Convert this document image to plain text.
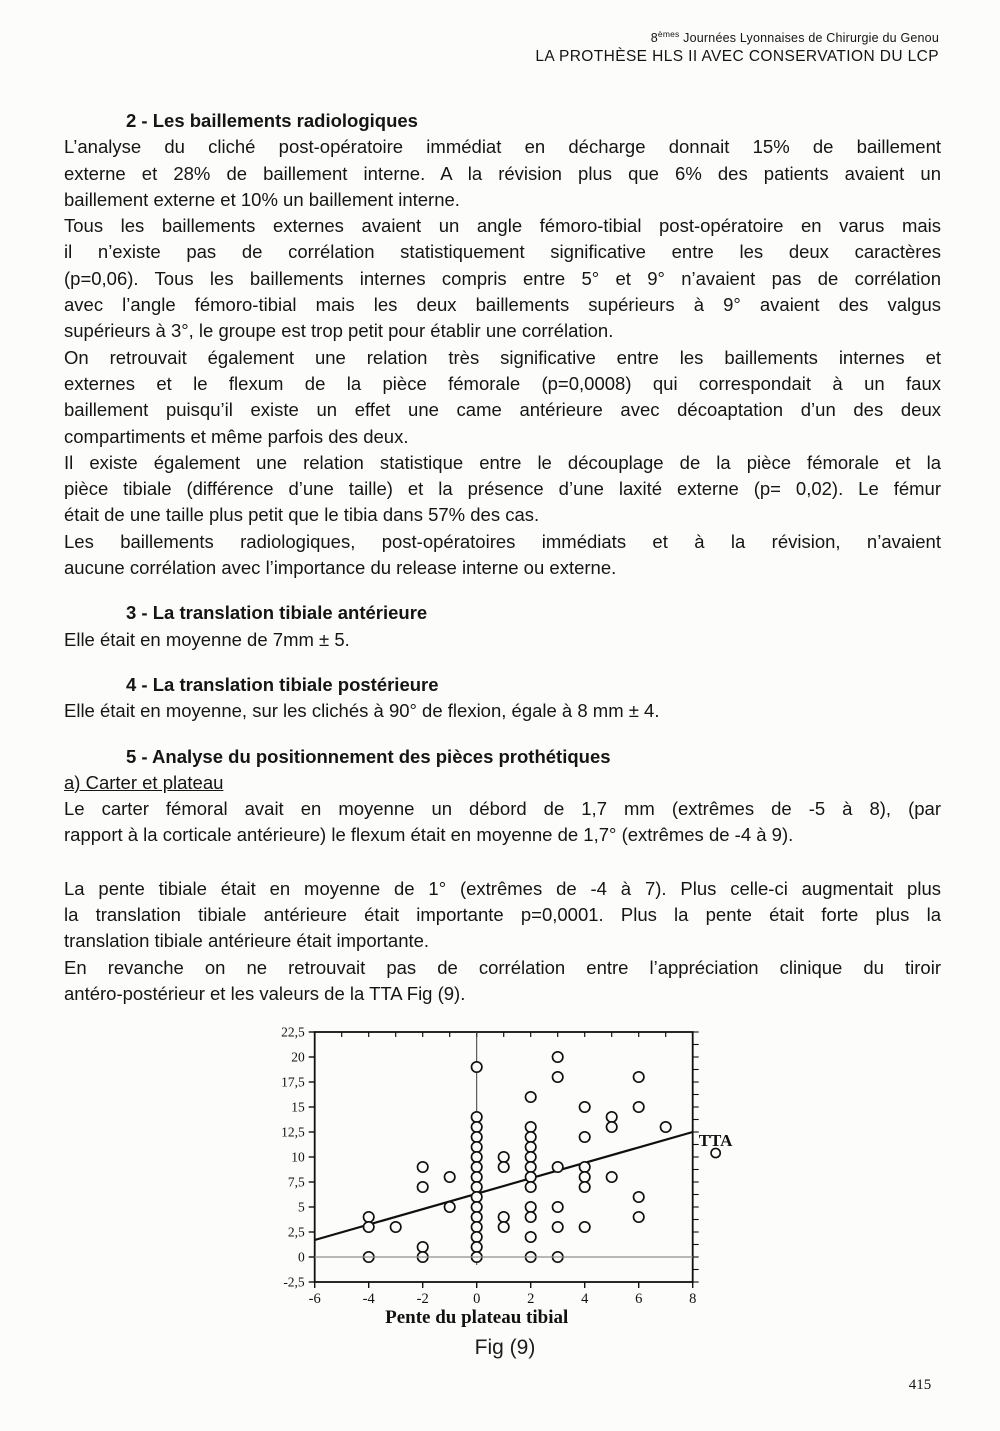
8èmes Journées Lyonnaises de Chirurgie du Genou
LA PROTHÈSE HLS II AVEC CONSERVATION DU LCP
2 - Les baillements radiologiques
L’analyse du cliché post-opératoire immédiat en décharge donnait 15% de baillement
externe et 28% de baillement interne. A la révision plus que 6% des patients avaient un
baillement externe et 10% un baillement interne.
Tous les baillements externes avaient un angle fémoro-tibial post-opératoire en varus mais
il n’existe pas de corrélation statistiquement significative entre les deux caractères
(p=0,06). Tous les baillements internes compris entre 5° et 9° n’avaient pas de corrélation
avec l’angle fémoro-tibial mais les deux baillements supérieurs à 9° avaient des valgus
supérieurs à 3°, le groupe est trop petit pour établir une corrélation.
On retrouvait également une relation très significative entre les baillements internes et
externes et le flexum de la pièce fémorale (p=0,0008) qui correspondait à un faux
baillement puisqu’il existe un effet une came antérieure avec décoaptation d’un des deux
compartiments et même parfois des deux.
Il existe également une relation statistique entre le découplage de la pièce fémorale et la
pièce tibiale (différence d’une taille) et la présence d’une laxité externe (p= 0,02). Le fémur
était de une taille plus petit que le tibia dans 57% des cas.
Les baillements radiologiques, post-opératoires immédiats et à la révision, n’avaient
aucune corrélation avec l’importance du release interne ou externe.
3 - La translation tibiale antérieure
Elle était en moyenne de 7mm ± 5.
4 - La translation tibiale postérieure
Elle était en moyenne, sur les clichés à 90° de flexion, égale à 8 mm ± 4.
5 - Analyse du positionnement des pièces prothétiques
a) Carter et plateau
Le carter fémoral avait en moyenne un débord de 1,7 mm (extrêmes de -5 à 8), (par
rapport à la corticale antérieure) le flexum était en moyenne de 1,7° (extrêmes de -4 à 9).
La pente tibiale était en moyenne de 1° (extrêmes de -4 à 7). Plus celle-ci augmentait plus
la translation tibiale antérieure était importante p=0,0001. Plus la pente était forte plus la
translation tibiale antérieure était importante.
En revanche on ne retrouvait pas de corrélation entre l’appréciation clinique du tiroir
antéro-postérieur et les valeurs de la TTA Fig (9).
-6	-4	-2	0	2	4	6	8
-2,5
0
2,5
5
7,5
10
12,5
15
17,5
20
22,5
TTA
Pente du plateau tibial
Fig (9)
415
